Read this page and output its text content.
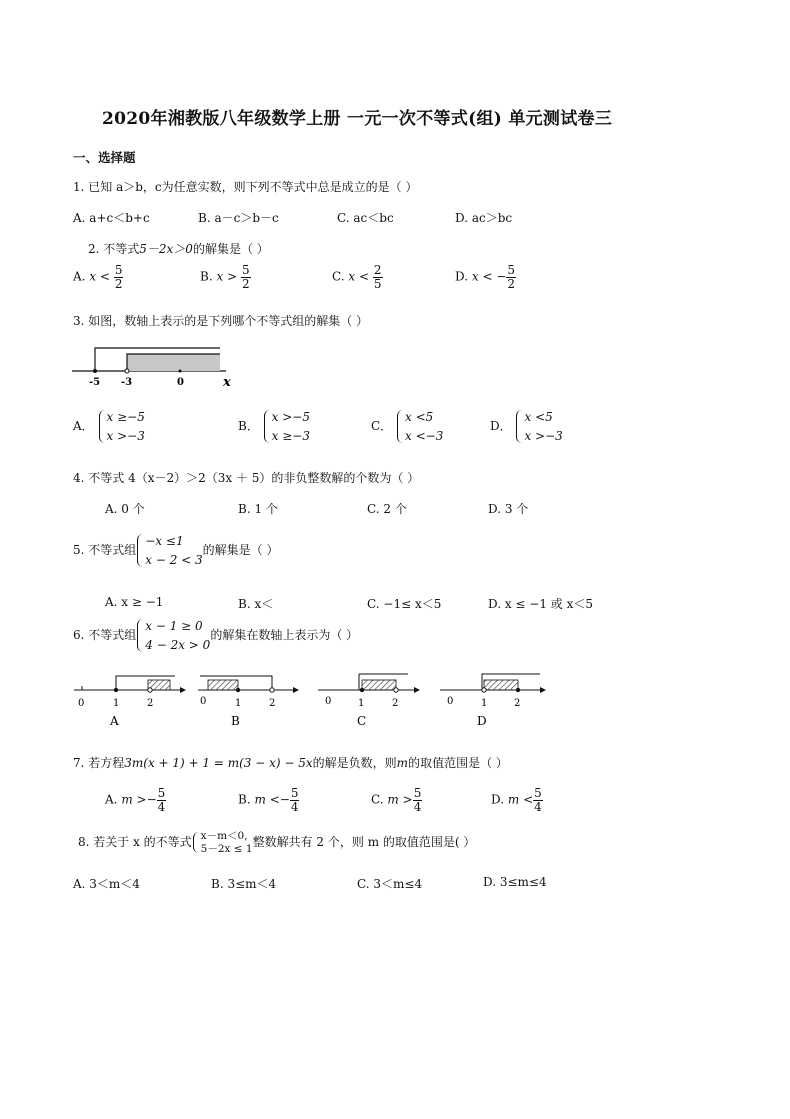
2020年湘教版八年级数学上册 一元一次不等式(组) 单元测试卷三
一、选择题
1. 已知 a＞b，c为任意实数，则下列不等式中总是成立的是（ ）
A. a+c＜b+c	B. a－c＞b－c	C. ac＜bc	D. ac＞bc
2. 不等式5－2x＞0的解集是（ ）
A. $x < \frac{5}{2}$	B. $x > \frac{5}{2}$	C. $x < \frac{2}{5}$	D. x < − $\frac{5}{2}$
3. 如图，数轴上表示的是下列哪个不等式组的解集（ ）
-5 -3	0	x
A．
x ≥−5
x >−3
B．
x >−5
x ≥−3
C．
x <5
x <−3
D．
x <5
x >−3
4. 不等式 4（x－2）＞2（3x ＋ 5）的非负整数解的个数为（ ）
A. 0 个	B. 1 个	C. 2 个	D. 3 个
5. 不等式组
−x ≤1
x − 2 < 3
的解集是（ ）
A. x ≥ −1	B. x＜	C. −1≤ x＜5	D. x ≤ −1 或 x＜5
6. 不等式组
x − 1 ≥ 0
4 − 2x > 0
的解集在数轴上表示为（ ）
0	1	2
A
0	1	2
B
0	1	2
C
0	1	2
D
7. 若方程3m(x + 1) + 1 = m(3 − x) − 5x的解是负数，则m的取值范围是（ ）
A. $m >- \frac{5}{4}$	B. $m <- \frac{5}{4}$	C. $m > \frac{5}{4}$	D. $m < \frac{5}{4}$
8. 若关于 x 的不等式 x－m＜0,
5－2x ≤ 1 整数解共有 2 个，则 m 的取值范围是( ）
A. 3＜m＜4	B. 3≤m＜4	C. 3＜m≤4	D. 3≤m≤4
